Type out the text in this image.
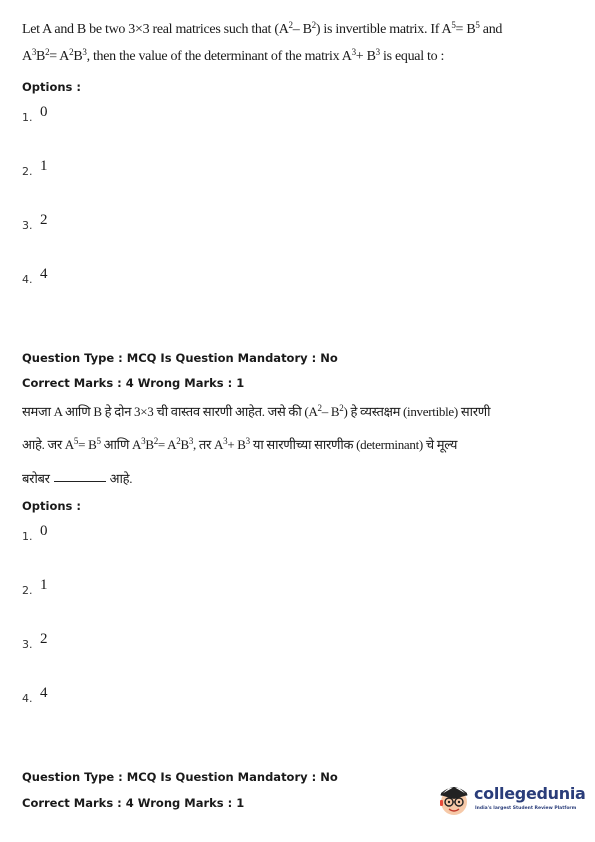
Let A and B be two 3×3 real matrices such that ($A^2-$ $B^2$) is invertible matrix. If $A^5= B^5$ and
$A^3B^2= A^2B^3$, then the value of the determinant of the matrix $A^3+ B^3$ is equal to :
Options :
1. 0
2. 1
3. 2
4. 4
Question Type : MCQ Is Question Mandatory : No
Correct Marks : 4 Wrong Marks : 1
समजा A आणि B हे दोन 3×3 ची वास्तव सारणी आहेत. जसे की ($A^2-$ $B^2$) हे व्यस्तक्षम (invertible) सारणी
आहे. जर $A^5= B^5$ आणि $A^3B^2= A^2B^3$, तर $A^3+ B^3$ या सारणीच्या सारणीक (determinant) चे मूल्य
बरोबर	आहे.
Options :
1. 0
2. 1
3. 2
4. 4
Question Type : MCQ Is Question Mandatory : No
Correct Marks : 4 Wrong Marks : 1	collegedunia
India's largest Student Review Platform
